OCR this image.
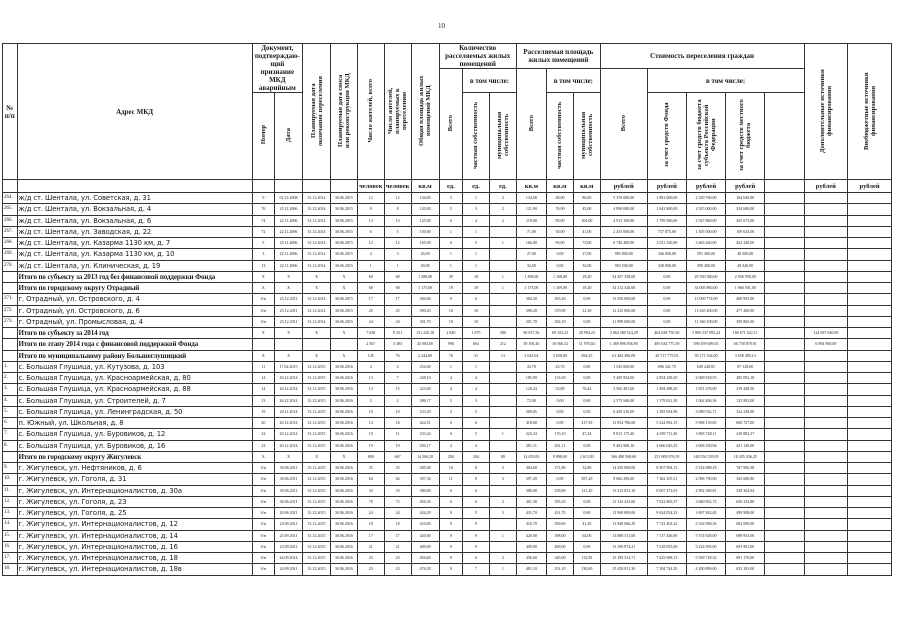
10
№ п/п	Адрес МКД	Документ, подтверждаю-щий признание МКД аварийным		Планируемая дата окончания переселения	Планируемая дата сноса или реконструкции МКД	Число жителей, всего	Число жителей, планируемых к переселению	Общая площадь жилых помещений МКД	Количество расселяемых жилых помещений			Расселяемая площадь жилых помещений			Стоимость переселения граждан					Дополнительные источники финансирования	Внебюджетные источники финансирования
									Всего	в том числе:		Всего	в том числе:		Всего	в том числе:					
		Номер	Дата							частная собственность	муниципальная собственность		частная собственность	муниципальная собственность		за счет средств Фонда	за счет средств бюджета субъекта Российской Федерации	за счет средств местного бюджета			
						человек	человек	кв.м	ед.	ед.	ед.	кв.м	кв.м	кв.м	рублей	рублей	рублей	рублей		рублей	рублей
264.	ж/д ст. Шентала, ул. Советская, д. 31	9	02.12.2008	31.12.2014	30.06.2015	12	12	134,00	3	1	2	134,00	48,00	86,00	5 376 000,00	1 881 600,00	2 329 760,00	164 640,00			
265.	ж/д ст. Шентала, ул. Вокзальная, д. 4	76	25.11.2006	31.12.2014	30.06.2015	8	8	120,00	5	3	2	121,90	76,90	45,00	4 890 000,00	1 643 800,00	2 915 000,00	334 600,00			
266.	ж/д ст. Шентала, ул. Вокзальная, д. 6	74	22.11.2006	31.12.2014	30.06.2015	13	13	125,00	6	4	2	119,00	85,00	104,00	4 913 100,00	1 799 580,00	2 947 860,00	265 675,00			
267.	ж/д ст. Шентала, ул. Заводская, д. 22	72	22.11.2006	31.12.2014	30.06.2015	6	5	150,00	1	1		71,00	30,00	41,00	2 453 000,00	757 875,00	1 305 500,00	109 625,00			
268.	ж/д ст. Шентала, ул. Казарма 1130 км, д. 7	5	25.11.2006	31.12.2014	30.06.2015	12	12	165,00	6	5	1	166,00	93,00	73,00	6 740 400,00	2 011 320,00	3 465 440,00	262 340,00			
269.	ж/д ст. Шентала, ул. Казарма 1130 км, д. 10	3	22.11.2006	31.12.2014	30.06.2015	4	3	26,00	1	1		27,00	0,00	27,00	985 800,00	346 000,00	591 300,00	48 500,00			
270.	ж/д ст. Шентала, ул. Клиническая, д. 19	13	22.11.2006	31.12.2014	30.06.2015	1	1	49,00	1	1		32,00	0,00	32,00	983 500,00	348 000,00	599 200,00	49 440,00			
	Итого по субъекту за 2013 год без финансовой поддержки Фонда	X	X	X	X	60	60	1 288,00	39	18	1	1 298,00	1 168,00	18,20	34 307 338,00	0,00	29 350 380,00	2 956 958,00			
	Итого по городскому округу Отрадный	X	X	X	X	68	68	1 175,00	19	18	1	1 175,00	1 169,00	18,20	34 312 320,00	0,00	34 005 860,00	1 066 501,00			
271.	г. Отрадный, ул. Островского, д. 4	б/н	25.12.2011	31.12.2014	30.06.2015	17	17	384,00	9	6		384,30	365,20	0,00	13 350 000,00	0,00	13 009 774,90	468 995,00			
272.	г. Отрадный, ул. Островского, д. 6	б/н	25.12.2011	31.12.2014	30.06.2015	25	25	390,20	10	10		390,20	370,90	12,30	12 233 000,00	0,00	11 635 400,00	477 400,00			
273.	г. Отрадный, ул. Промысловая, д. 4	б/н	25.12.2011	31.12.2014	30.06.2015	24	24	301,70	10	10		301,70	302,10	0,00	11 999 000,00	0,00	11 360 100,00	309 865,00			
	Итого по субъекту за 2014 год	X	X	X	X	7 638	8 251	131 220,18	2 840	1 675	380	90 037,56	69 103,23	20 994,23	3 864 380 524,29	462 638 750,30	2 869 237 995,24	186 671 022,11		124 697 640,00	
	Итого по этапу 2014 года с финансовой поддержкой Фонда					2 367	3 383	45 083,60	996	664	212	39 106,26	18 566,32	11 970,04	1 469 896 836,90	485 634 775,39	589 459 689,01	66 758 870,91		6 894 960,00	
	Итого по муниципальному району Большеглушицкий	X	X	X	X	145	76	2 244,00	70	31	13	3 623,94	3 658,00	694,25	61 484 496,09	20 717 775,93	39 171 334,00	3 658 385,14			
1.	с. Большая Глушица, ул. Кутузова, д. 103	11	17.02.2015	31.12.2015	30.06.2016	4	4	254,00	1	1		43,70	43,70	0,00	1 543 000,00	696 341,75	649 240,81	97 128,00			
2.	с. Большая Глушица, ул. Красноармейская, д. 80	14	26.12.2014	31.12.2015	30.06.2016	13	7	248,10	4	4		185,90	133,30	0,00	5 209 954,00	2 854 238,29	2 069 918,53	285 092,18			
3.	с. Большая Глушица, ул. Красноармейская, д. 88	14	26.12.2014	31.12.2015	30.06.2016	13	15	223,00	4	4		120,24	53,80	76,44	3 565 481,00	1 494 288,20	1 851 276,00	219 448,50			
4.	с. Большая Глушица, ул. Строителей, д. 7	13	26.12.2014	31.12.2015	30.06.2016	2	2	286,17	3	3		72,00	0,00	0,00	2 573 946,00	1 379 021,30	1 062 406,36	125 992,00			
5.	с. Большая Глушица, ул. Ленинградская, д. 50	19	20.11.2014	31.12.2015	30.06.2016	10	10	233,29	2	2		209,05	0,00	0,00	6 456 516,09	1 583 934,90	3 089 532,71	324 238,00			
6.	п. Южный, ул. Школьная, д. 8	20	20.12.2014	31.12.2015	30.06.2016	14	16	424,51	6	6		418,60	0,00	417,39	13 954 786,00	5 224 892,15	5 968 139,65	660 727,00			
7.	с. Большая Глушица, ул. Буровиков, д. 12	22	20.12.2014	31.12.2015	30.06.2016	10	11	233,34	6	5	1	223,34	176,10	47,24	8 813 175,40	4 039 711,40	3 865 728,11	418 883,37			
8.	с. Большая Глушица, ул. Буровиков, д. 16	23	20.12.2014	31.12.2015	30.06.2016	19	19	294,17	4	4		281,11	281,11	0,00	9 462 900,16	4 666 645,25	3 606 330,94	421 140,00			
	Итого по городскому округу Жигулевск	X	X	X	X	800	667	14 306,20	284	204	80	14 459,83	9 898,00	2 613,83	366 480 568,60	251 809 876,59	148 554 539,05	18 435 436,25			
9.	г. Жигулевск, ул. Нефтяников, д. 6	б/н	30.06.2011	25.12.2015	30.06.2016	35	35	385,00	10	8	2	404,60	371,80	32,80	14 350 000,00	8 307 904,13	5 514 688,18	767 906,38			
10.	г. Жигулевск, ул. Гоголя, д. 31	б/н	30.06.2011	31.12.2015	30.06.2016	64	64	397,30	11	8	3	397,20	0,00	397,20	9 666 296,00	7 362 355,51	2 096 790,00	343 600,80			
11.	г. Жигулевск, ул. Интернационалистов, д. 30а	б/н	30.06.2011	31.12.2015	30.06.2016	33	33	380,00	6	6		380,00	258,80	121,20	13 415 031,10	8 007 372,01	4 992 369,81	539 304,94			
12.	г. Жигулевск, ул. Гоголя, д. 23	б/н	30.06.2011	31.12.2015	30.06.2016	70	72	456,30	6	6	2	401,30	395,30	0,00	12 324 433,60	7 022 865,37	3 660 852,72	656 322,88			
13.	г. Жигулевск, ул. Гоголя, д. 25	б/н	20.06.2011	31.12.2015	30.06.2016	24	24	426,29	8	5	3	431,70	431,70	0,00	13 969 809,00	9 624 054,32	3 697 822,40	499 908,00			
14.	г. Жигулевск, ул. Интернационалистов, д. 12	б/н	23.09.2011	31.12.2015	30.06.2016	18	18	410,00	9	9		410,70	369,60	41,20	13 940 066,29	7 722 402,22	5 524 968,36	682 000,00			
15.	г. Жигулевск, ул. Интернационалистов, д. 14	б/н	23.09.2011	31.12.2015	30.06.2016	17	17	420,00	9	9	1	420,00	398,00	64,00	13 880 511,00	7 117 436,00	5 374 928,00	698 953,00			
16.	г. Жигулевск, ул. Интернационалистов, д. 16	б/н	23.09.2011	31.12.2015	30.06.2016	21	21	409,00	9	9		409,00	409,00	0,00	13 190 874,21	7 218 655,00	5 224 905,00	693 901,00			
17.	г. Жигулевск, ул. Интернационалистов, д. 18	б/н	24.09.2014	31.12.2015	30.06.2016	23	23	456,60	8	6	2	456,60	345,00	112,50	15 185 312,71	7 425 688,13	5 569 728,32	691 176,00			
18.	г. Жигулевск, ул. Интернационалистов, д. 18в	б/н	24.09.2011	31.12.2015	30.06.2016	23	23	476,50	8	7	1	481,10	351,10	130,00	15 450 811,30	7 394 744,50	4 200 899,00	653 103,00			
